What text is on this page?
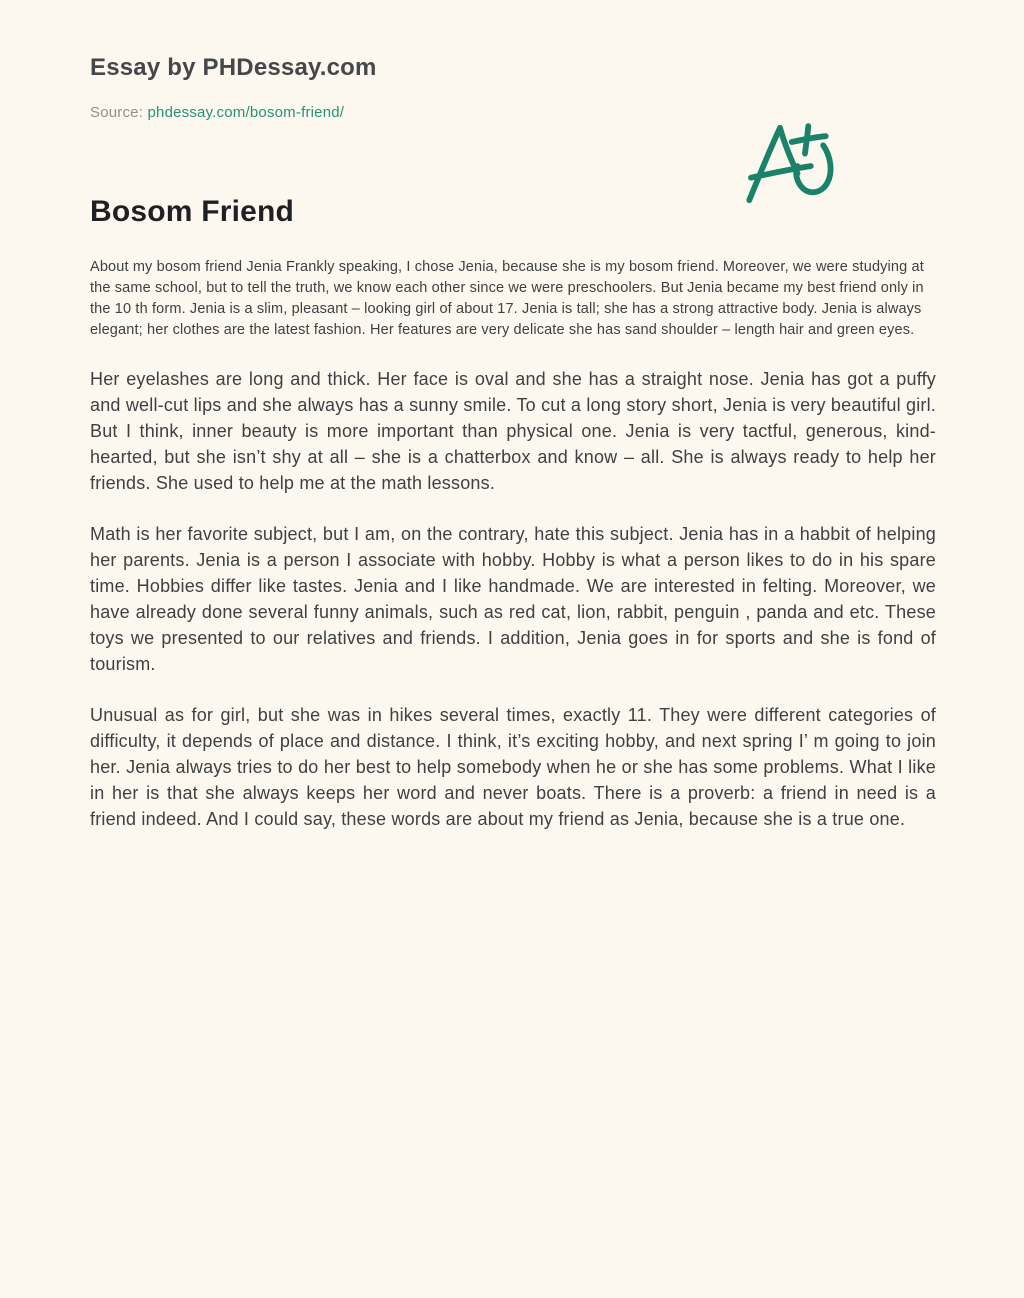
Essay by PHDessay.com

Source: phdessay.com/bosom-friend/

Bosom Friend

About my bosom friend Jenia Frankly speaking, I chose Jenia, because she is my bosom friend. Moreover, we were studying at the same school, but to tell the truth, we know each other since we were preschoolers. But Jenia became my best friend only in the 10 th form. Jenia is a slim, pleasant – looking girl of about 17. Jenia is tall; she has a strong attractive body. Jenia is always elegant; her clothes are the latest fashion. Her features are very delicate she has sand shoulder – length hair and green eyes.

Her eyelashes are long and thick. Her face is oval and she has a straight nose. Jenia has got a puffy and well-cut lips and she always has a sunny smile. To cut a long story short, Jenia is very beautiful girl. But I think, inner beauty is more important than physical one. Jenia is very tactful, generous, kind-hearted, but she isn’t shy at all – she is a chatterbox and know – all. She is always ready to help her friends. She used to help me at the math lessons.

Math is her favorite subject, but I am, on the contrary, hate this subject. Jenia has in a habbit of helping her parents. Jenia is a person I associate with hobby. Hobby is what a person likes to do in his spare time. Hobbies differ like tastes. Jenia and I like handmade. We are interested in felting. Moreover, we have already done several funny animals, such as red cat, lion, rabbit, penguin , panda and etc. These toys we presented to our relatives and friends. I addition, Jenia goes in for sports and she is fond of tourism.

Unusual as for girl, but she was in hikes several times, exactly 11. They were different categories of difficulty, it depends of place and distance. I think, it’s exciting hobby, and next spring I’ m going to join her. Jenia always tries to do her best to help somebody when he or she has some problems. What I like in her is that she always keeps her word and never boats. There is a proverb: a friend in need is a friend indeed. And I could say, these words are about my friend as Jenia, because she is a true one.
